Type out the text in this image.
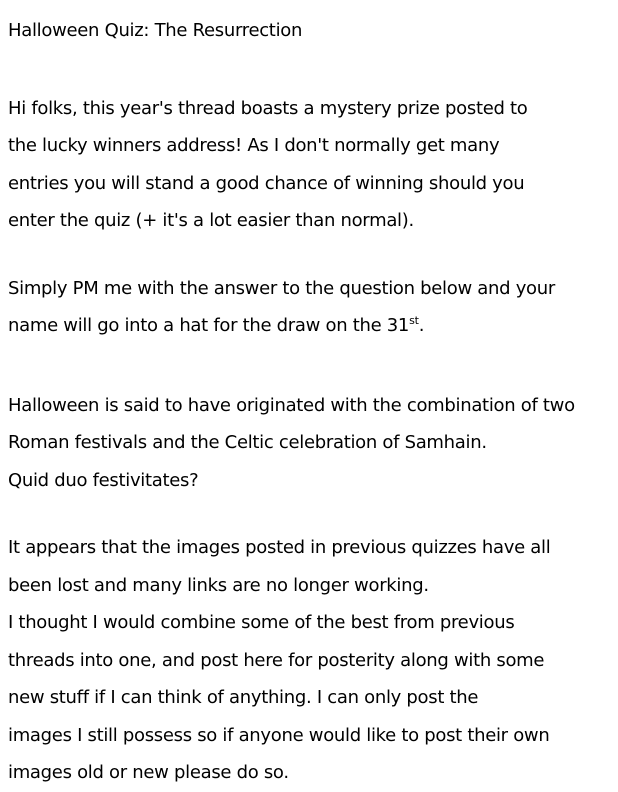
Halloween Quiz: The Resurrection

Hi folks, this year's thread boasts a mystery prize posted to
the lucky winners address! As I don't normally get many
entries you will stand a good chance of winning should you
enter the quiz (+ it's a lot easier than normal).

Simply PM me with the answer to the question below and your
name will go into a hat for the draw on the 31st.

Halloween is said to have originated with the combination of two
Roman festivals and the Celtic celebration of Samhain.
Quid duo festivitates?

It appears that the images posted in previous quizzes have all
been lost and many links are no longer working.
I thought I would combine some of the best from previous
threads into one, and post here for posterity along with some
new stuff if I can think of anything. I can only post the
images I still possess so if anyone would like to post their own
images old or new please do so.
